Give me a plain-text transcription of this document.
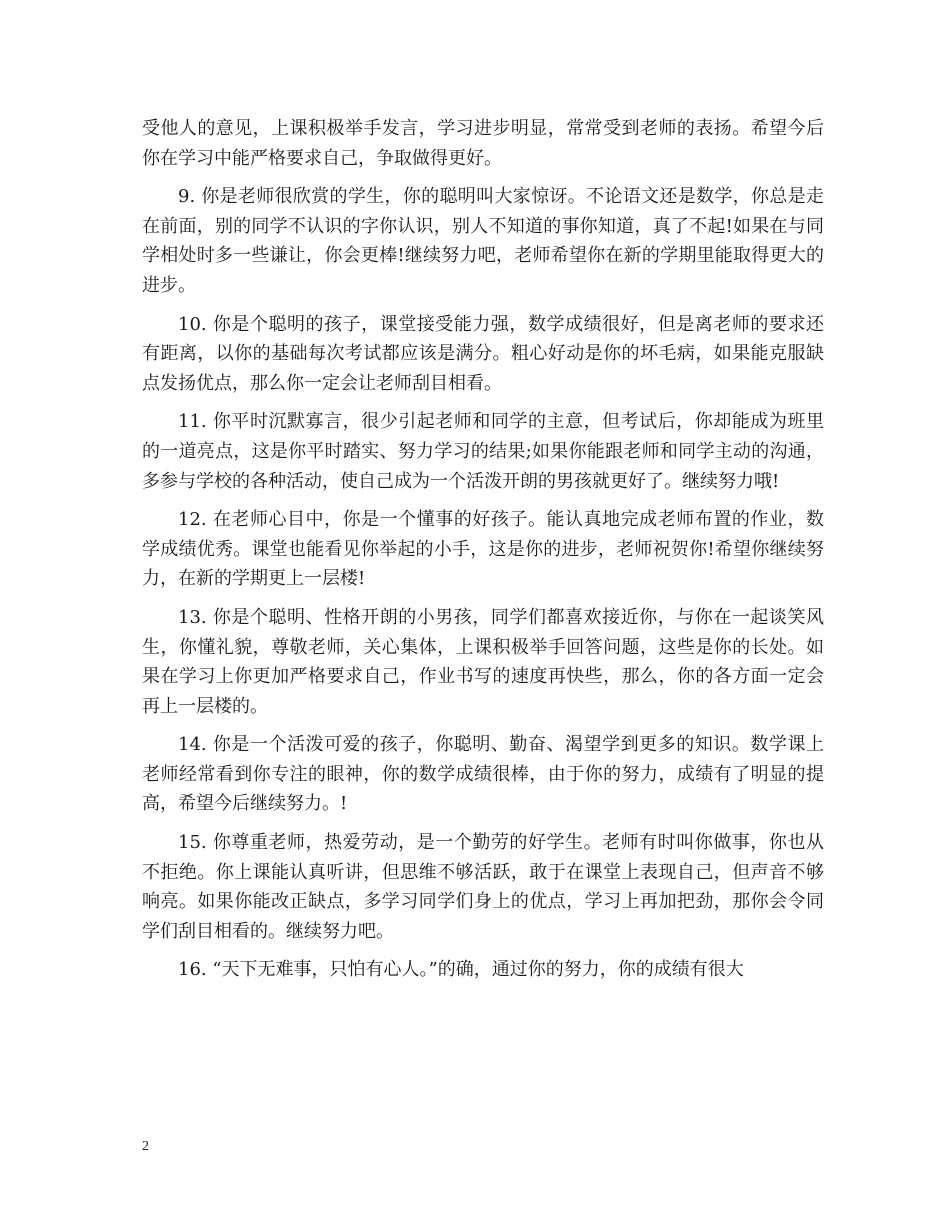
受他人的意见，上课积极举手发言，学习进步明显，常常受到老师的表扬。希望今后你在学习中能严格要求自己，争取做得更好。

9. 你是老师很欣赏的学生，你的聪明叫大家惊讶。不论语文还是数学，你总是走在前面，别的同学不认识的字你认识，别人不知道的事你知道，真了不起!如果在与同学相处时多一些谦让，你会更棒!继续努力吧，老师希望你在新的学期里能取得更大的进步。

10. 你是个聪明的孩子，课堂接受能力强，数学成绩很好，但是离老师的要求还有距离，以你的基础每次考试都应该是满分。粗心好动是你的坏毛病，如果能克服缺点发扬优点，那么你一定会让老师刮目相看。

11. 你平时沉默寡言，很少引起老师和同学的主意，但考试后，你却能成为班里的一道亮点，这是你平时踏实、努力学习的结果;如果你能跟老师和同学主动的沟通，多参与学校的各种活动，使自己成为一个活泼开朗的男孩就更好了。继续努力哦!

12. 在老师心目中，你是一个懂事的好孩子。能认真地完成老师布置的作业，数学成绩优秀。课堂也能看见你举起的小手，这是你的进步，老师祝贺你!希望你继续努力，在新的学期更上一层楼!

13. 你是个聪明、性格开朗的小男孩，同学们都喜欢接近你，与你在一起谈笑风生，你懂礼貌，尊敬老师，关心集体，上课积极举手回答问题，这些是你的长处。如果在学习上你更加严格要求自己，作业书写的速度再快些，那么，你的各方面一定会再上一层楼的。

14. 你是一个活泼可爱的孩子，你聪明、勤奋、渴望学到更多的知识。数学课上老师经常看到你专注的眼神，你的数学成绩很棒，由于你的努力，成绩有了明显的提高，希望今后继续努力。!

15. 你尊重老师，热爱劳动，是一个勤劳的好学生。老师有时叫你做事，你也从不拒绝。你上课能认真听讲，但思维不够活跃，敢于在课堂上表现自己，但声音不够响亮。如果你能改正缺点，多学习同学们身上的优点，学习上再加把劲，那你会令同学们刮目相看的。继续努力吧。

16. “天下无难事，只怕有心人。”的确，通过你的努力，你的成绩有很大

2
